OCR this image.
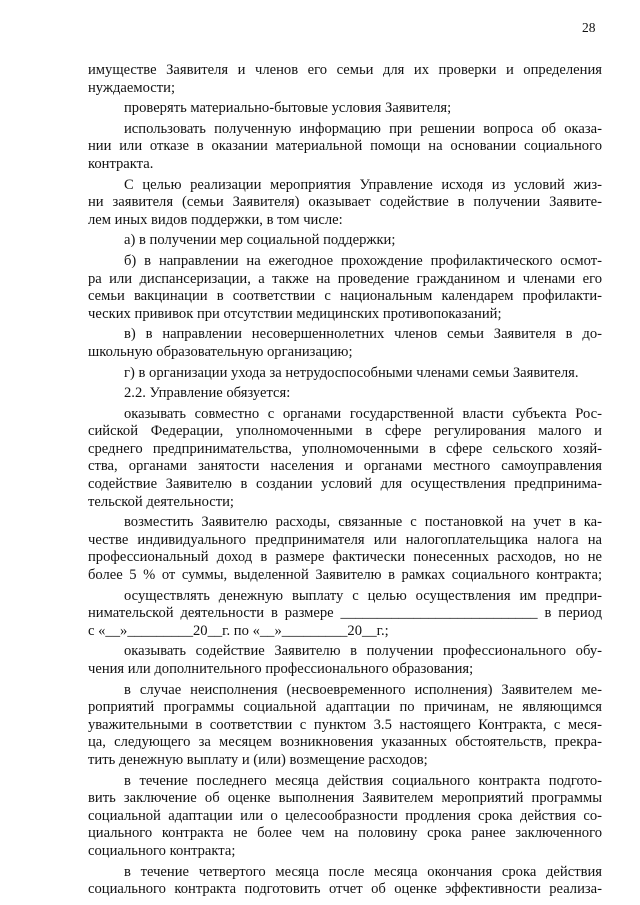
28
имуществе Заявителя и членов его семьи для их проверки и определения
нуждаемости;
проверять материально-бытовые условия Заявителя;
использовать полученную информацию при решении вопроса об оказа-
нии или отказе в оказании материальной помощи на основании социального
контракта.
С целью реализации мероприятия Управление исходя из условий жиз-
ни заявителя (семьи Заявителя) оказывает содействие в получении Заявите-
лем иных видов поддержки, в том числе:
а) в получении мер социальной поддержки;
б) в направлении на ежегодное прохождение профилактического осмот-
ра или диспансеризации, а также на проведение гражданином и членами его
семьи вакцинации в соответствии с национальным календарем профилакти-
ческих прививок при отсутствии медицинских противопоказаний;
в) в направлении несовершеннолетних членов семьи Заявителя в до-
школьную образовательную организацию;
г) в организации ухода за нетрудоспособными членами семьи Заявителя.
2.2. Управление обязуется:
оказывать совместно с органами государственной власти субъекта Рос-
сийской Федерации, уполномоченными в сфере регулирования малого и
среднего предпринимательства, уполномоченными в сфере сельского хозяй-
ства, органами занятости населения и органами местного самоуправления
содействие Заявителю в создании условий для осуществления предпринима-
тельской деятельности;
возместить Заявителю расходы, связанные с постановкой на учет в ка-
честве индивидуального предпринимателя или налогоплательщика налога на
профессиональный доход в размере фактически понесенных расходов, но не
более 5 % от суммы, выделенной Заявителю в рамках социального контракта;
осуществлять денежную выплату с целью осуществления им предпри-
нимательской деятельности в размере ___________________________ в период
с «__»_________20__г. по «__»_________20__г.;
оказывать содействие Заявителю в получении профессионального обу-
чения или дополнительного профессионального образования;
в случае неисполнения (несвоевременного исполнения) Заявителем ме-
роприятий программы социальной адаптации по причинам, не являющимся
уважительными в соответствии с пунктом 3.5 настоящего Контракта, с меся-
ца, следующего за месяцем возникновения указанных обстоятельств, прекра-
тить денежную выплату и (или) возмещение расходов;
в течение последнего месяца действия социального контракта подгото-
вить заключение об оценке выполнения Заявителем мероприятий программы
социальной адаптации или о целесообразности продления срока действия со-
циального контракта не более чем на половину срока ранее заключенного
социального контракта;
в течение четвертого месяца после месяца окончания срока действия
социального контракта подготовить отчет об оценке эффективности реализа-
